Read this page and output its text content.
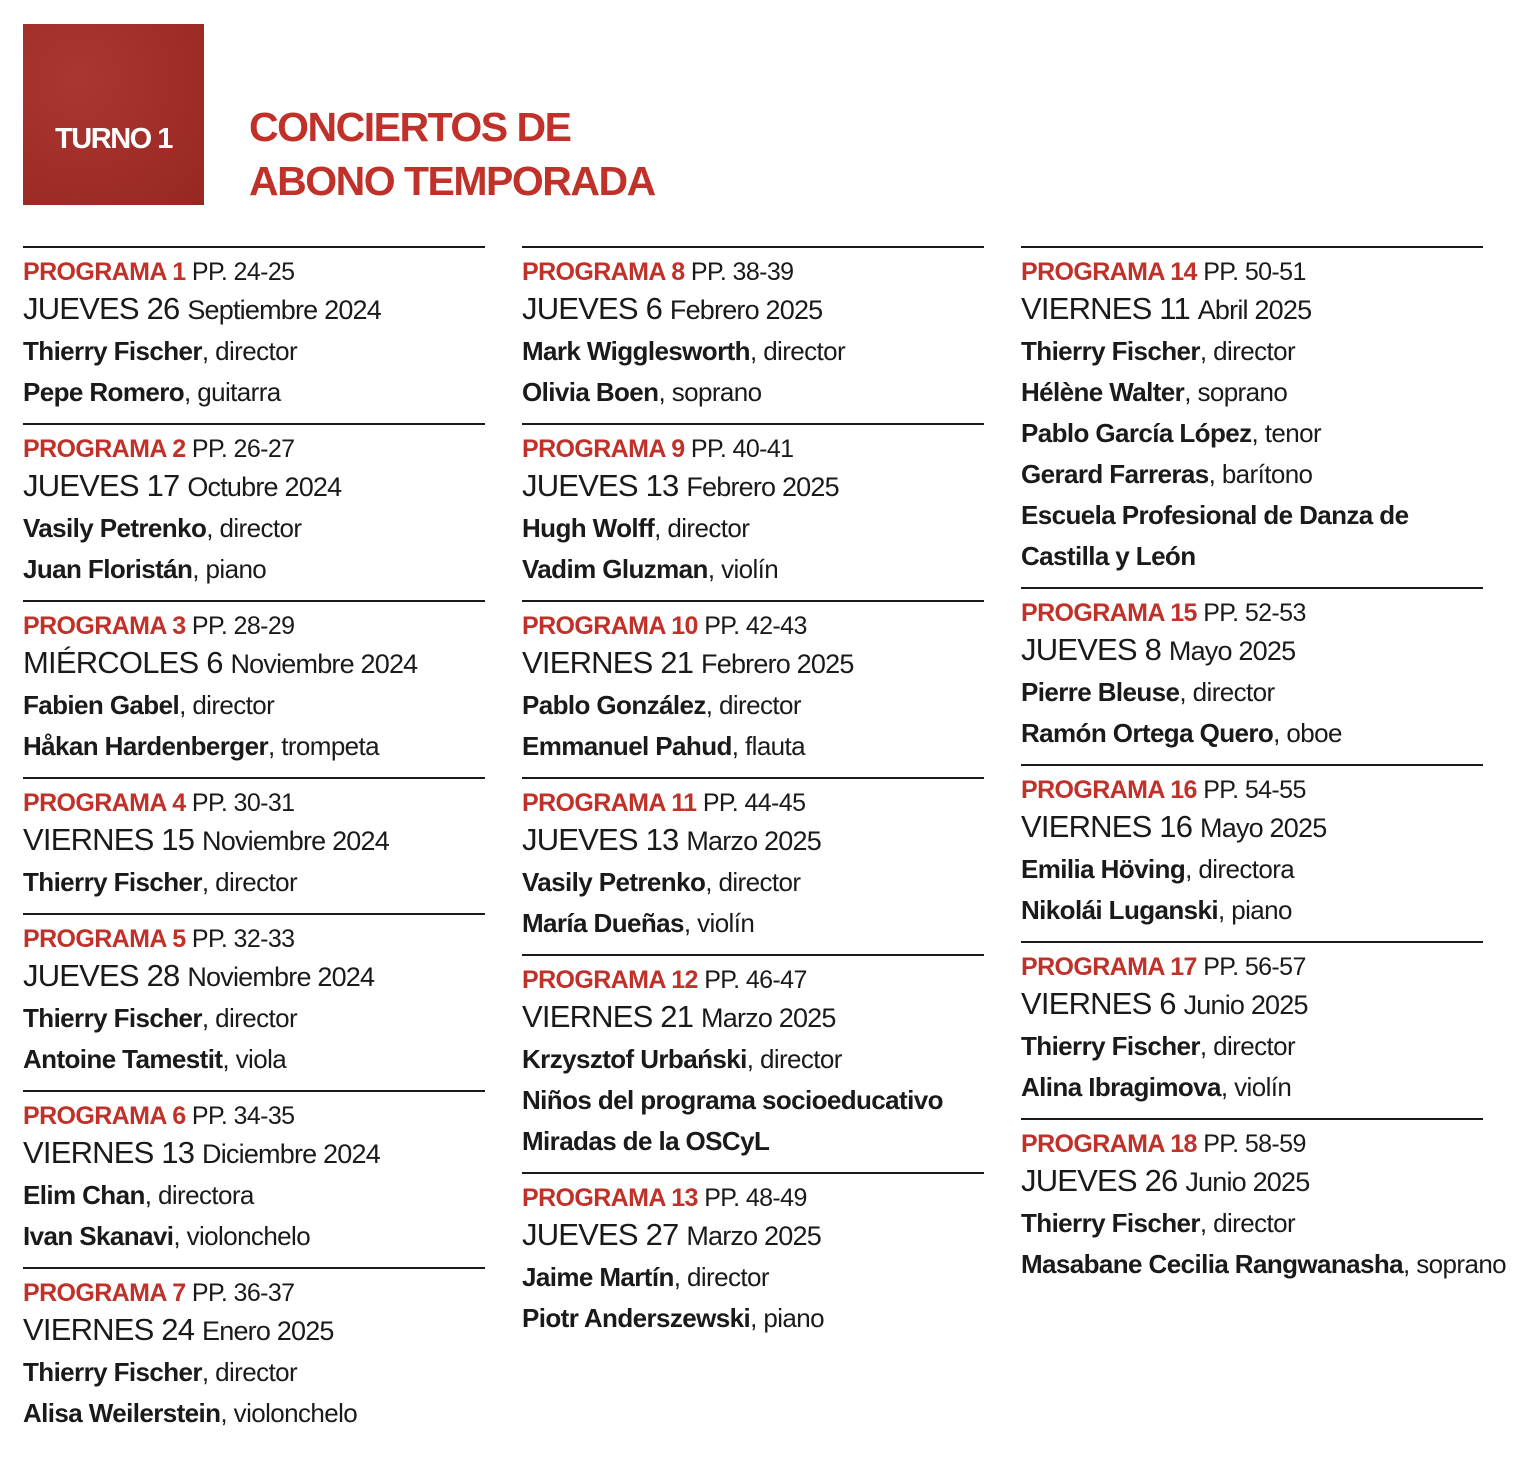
TURNO 1	CONCIERTOS DE
ABONO TEMPORADA
PROGRAMA 1 PP. 24-25
JUEVES 26 Septiembre 2024
Thierry Fischer, director
Pepe Romero, guitarra
PROGRAMA 2 PP. 26-27
JUEVES 17 Octubre 2024
Vasily Petrenko, director
Juan Floristán, piano
PROGRAMA 3 PP. 28-29
MIÉRCOLES 6 Noviembre 2024
Fabien Gabel, director
Håkan Hardenberger, trompeta
PROGRAMA 4 PP. 30-31
VIERNES 15 Noviembre 2024
Thierry Fischer, director
PROGRAMA 5 PP. 32-33
JUEVES 28 Noviembre 2024
Thierry Fischer, director
Antoine Tamestit, viola
PROGRAMA 6 PP. 34-35
VIERNES 13 Diciembre 2024
Elim Chan, directora
Ivan Skanavi, violonchelo
PROGRAMA 7 PP. 36-37
VIERNES 24 Enero 2025
Thierry Fischer, director
Alisa Weilerstein, violonchelo
PROGRAMA 8 PP. 38-39
JUEVES 6 Febrero 2025
Mark Wigglesworth, director
Olivia Boen, soprano
PROGRAMA 9 PP. 40-41
JUEVES 13 Febrero 2025
Hugh Wolff, director
Vadim Gluzman, violín
PROGRAMA 10 PP. 42-43
VIERNES 21 Febrero 2025
Pablo González, director
Emmanuel Pahud, flauta
PROGRAMA 11 PP. 44-45
JUEVES 13 Marzo 2025
Vasily Petrenko, director
María Dueñas, violín
PROGRAMA 12 PP. 46-47
VIERNES 21 Marzo 2025
Krzysztof Urbański, director
Niños del programa socioeducativo Miradas de la OSCyL
PROGRAMA 13 PP. 48-49
JUEVES 27 Marzo 2025
Jaime Martín, director
Piotr Anderszewski, piano
PROGRAMA 14 PP. 50-51
VIERNES 11 Abril 2025
Thierry Fischer, director
Hélène Walter, soprano
Pablo García López, tenor
Gerard Farreras, barítono
Escuela Profesional de Danza de Castilla y León
PROGRAMA 15 PP. 52-53
JUEVES 8 Mayo 2025
Pierre Bleuse, director
Ramón Ortega Quero, oboe
PROGRAMA 16 PP. 54-55
VIERNES 16 Mayo 2025
Emilia Höving, directora
Nikolái Luganski, piano
PROGRAMA 17 PP. 56-57
VIERNES 6 Junio 2025
Thierry Fischer, director
Alina Ibragimova, violín
PROGRAMA 18 PP. 58-59
JUEVES 26 Junio 2025
Thierry Fischer, director
Masabane Cecilia Rangwanasha, soprano
